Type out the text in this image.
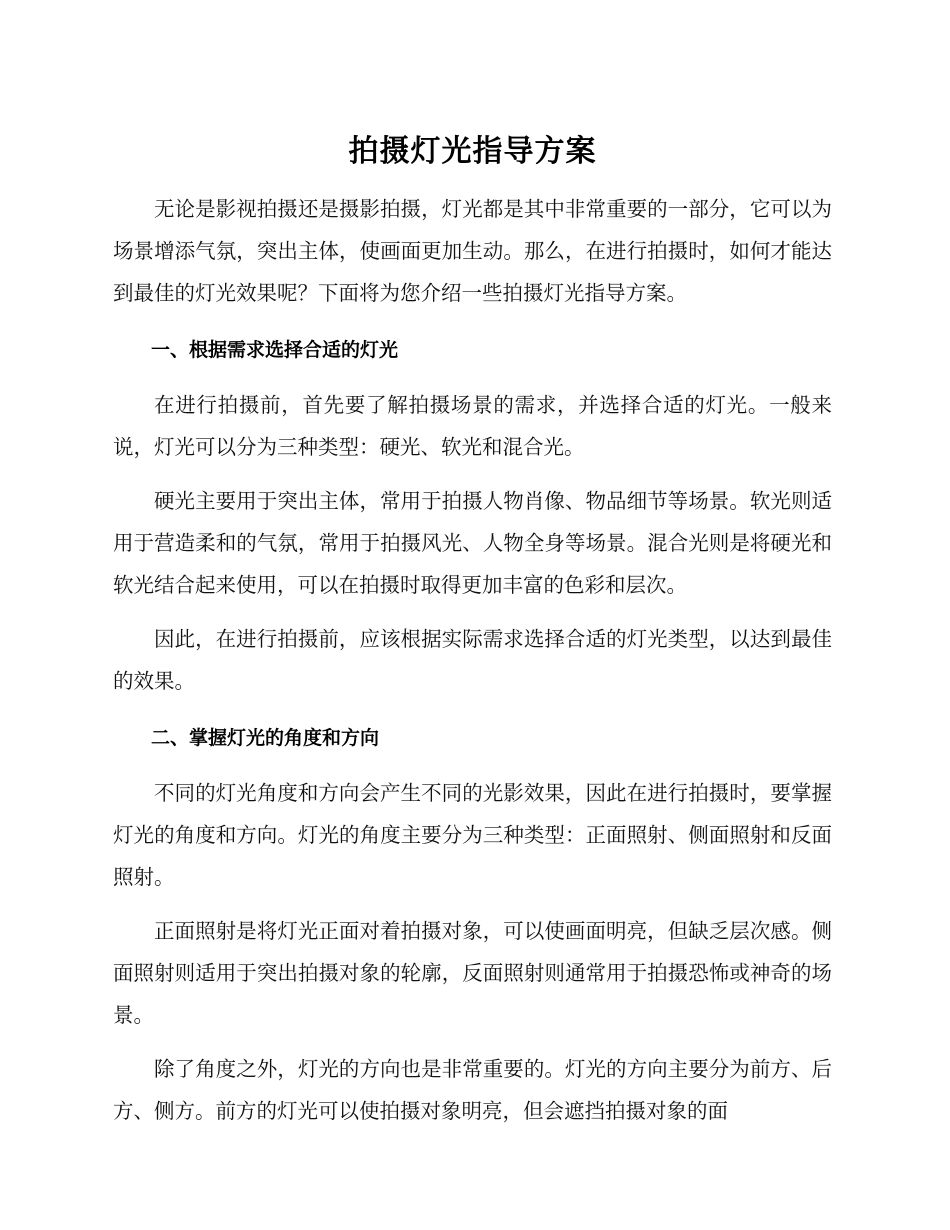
拍摄灯光指导方案

无论是影视拍摄还是摄影拍摄，灯光都是其中非常重要的一部分，它可以为场景增添气氛，突出主体，使画面更加生动。那么，在进行拍摄时，如何才能达到最佳的灯光效果呢？下面将为您介绍一些拍摄灯光指导方案。

一、根据需求选择合适的灯光

在进行拍摄前，首先要了解拍摄场景的需求，并选择合适的灯光。一般来说，灯光可以分为三种类型：硬光、软光和混合光。

硬光主要用于突出主体，常用于拍摄人物肖像、物品细节等场景。软光则适用于营造柔和的气氛，常用于拍摄风光、人物全身等场景。混合光则是将硬光和软光结合起来使用，可以在拍摄时取得更加丰富的色彩和层次。

因此，在进行拍摄前，应该根据实际需求选择合适的灯光类型，以达到最佳的效果。

二、掌握灯光的角度和方向

不同的灯光角度和方向会产生不同的光影效果，因此在进行拍摄时，要掌握灯光的角度和方向。灯光的角度主要分为三种类型：正面照射、侧面照射和反面照射。

正面照射是将灯光正面对着拍摄对象，可以使画面明亮，但缺乏层次感。侧面照射则适用于突出拍摄对象的轮廓，反面照射则通常用于拍摄恐怖或神奇的场景。

除了角度之外，灯光的方向也是非常重要的。灯光的方向主要分为前方、后方、侧方。前方的灯光可以使拍摄对象明亮，但会遮挡拍摄对象的面
